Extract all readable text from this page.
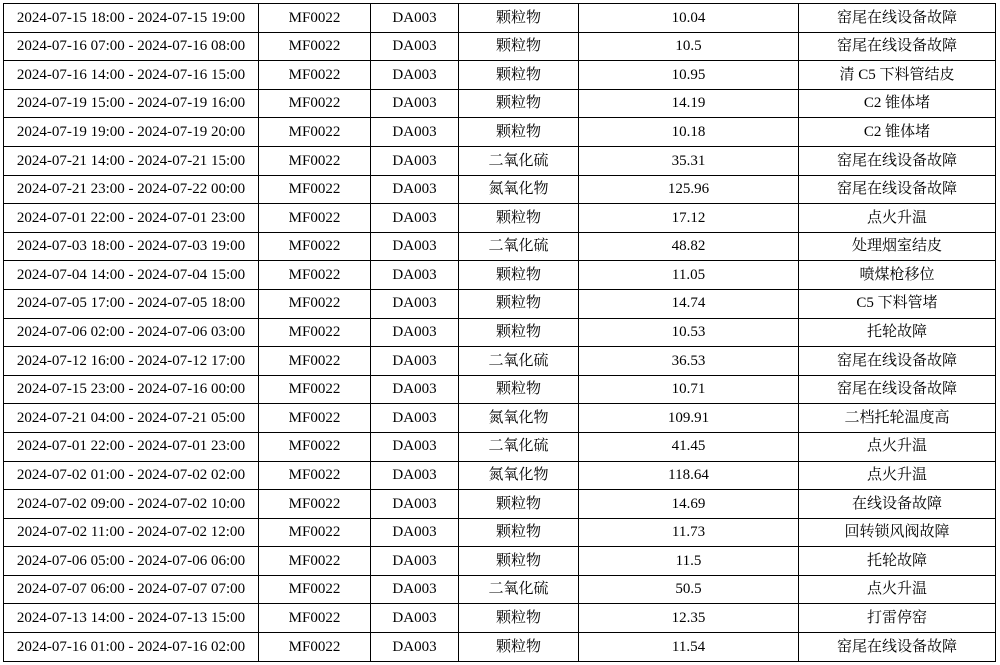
2024-07-15 18:00 - 2024-07-15 19:00	MF0022	DA003	颗粒物	10.04	窑尾在线设备故障
2024-07-16 07:00 - 2024-07-16 08:00	MF0022	DA003	颗粒物	10.5	窑尾在线设备故障
2024-07-16 14:00 - 2024-07-16 15:00	MF0022	DA003	颗粒物	10.95	清 C5 下料管结皮
2024-07-19 15:00 - 2024-07-19 16:00	MF0022	DA003	颗粒物	14.19	C2 锥体堵
2024-07-19 19:00 - 2024-07-19 20:00	MF0022	DA003	颗粒物	10.18	C2 锥体堵
2024-07-21 14:00 - 2024-07-21 15:00	MF0022	DA003	二氧化硫	35.31	窑尾在线设备故障
2024-07-21 23:00 - 2024-07-22 00:00	MF0022	DA003	氮氧化物	125.96	窑尾在线设备故障
2024-07-01 22:00 - 2024-07-01 23:00	MF0022	DA003	颗粒物	17.12	点火升温
2024-07-03 18:00 - 2024-07-03 19:00	MF0022	DA003	二氧化硫	48.82	处理烟室结皮
2024-07-04 14:00 - 2024-07-04 15:00	MF0022	DA003	颗粒物	11.05	喷煤枪移位
2024-07-05 17:00 - 2024-07-05 18:00	MF0022	DA003	颗粒物	14.74	C5 下料管堵
2024-07-06 02:00 - 2024-07-06 03:00	MF0022	DA003	颗粒物	10.53	托轮故障
2024-07-12 16:00 - 2024-07-12 17:00	MF0022	DA003	二氧化硫	36.53	窑尾在线设备故障
2024-07-15 23:00 - 2024-07-16 00:00	MF0022	DA003	颗粒物	10.71	窑尾在线设备故障
2024-07-21 04:00 - 2024-07-21 05:00	MF0022	DA003	氮氧化物	109.91	二档托轮温度高
2024-07-01 22:00 - 2024-07-01 23:00	MF0022	DA003	二氧化硫	41.45	点火升温
2024-07-02 01:00 - 2024-07-02 02:00	MF0022	DA003	氮氧化物	118.64	点火升温
2024-07-02 09:00 - 2024-07-02 10:00	MF0022	DA003	颗粒物	14.69	在线设备故障
2024-07-02 11:00 - 2024-07-02 12:00	MF0022	DA003	颗粒物	11.73	回转锁风阀故障
2024-07-06 05:00 - 2024-07-06 06:00	MF0022	DA003	颗粒物	11.5	托轮故障
2024-07-07 06:00 - 2024-07-07 07:00	MF0022	DA003	二氧化硫	50.5	点火升温
2024-07-13 14:00 - 2024-07-13 15:00	MF0022	DA003	颗粒物	12.35	打雷停窑
2024-07-16 01:00 - 2024-07-16 02:00	MF0022	DA003	颗粒物	11.54	窑尾在线设备故障
